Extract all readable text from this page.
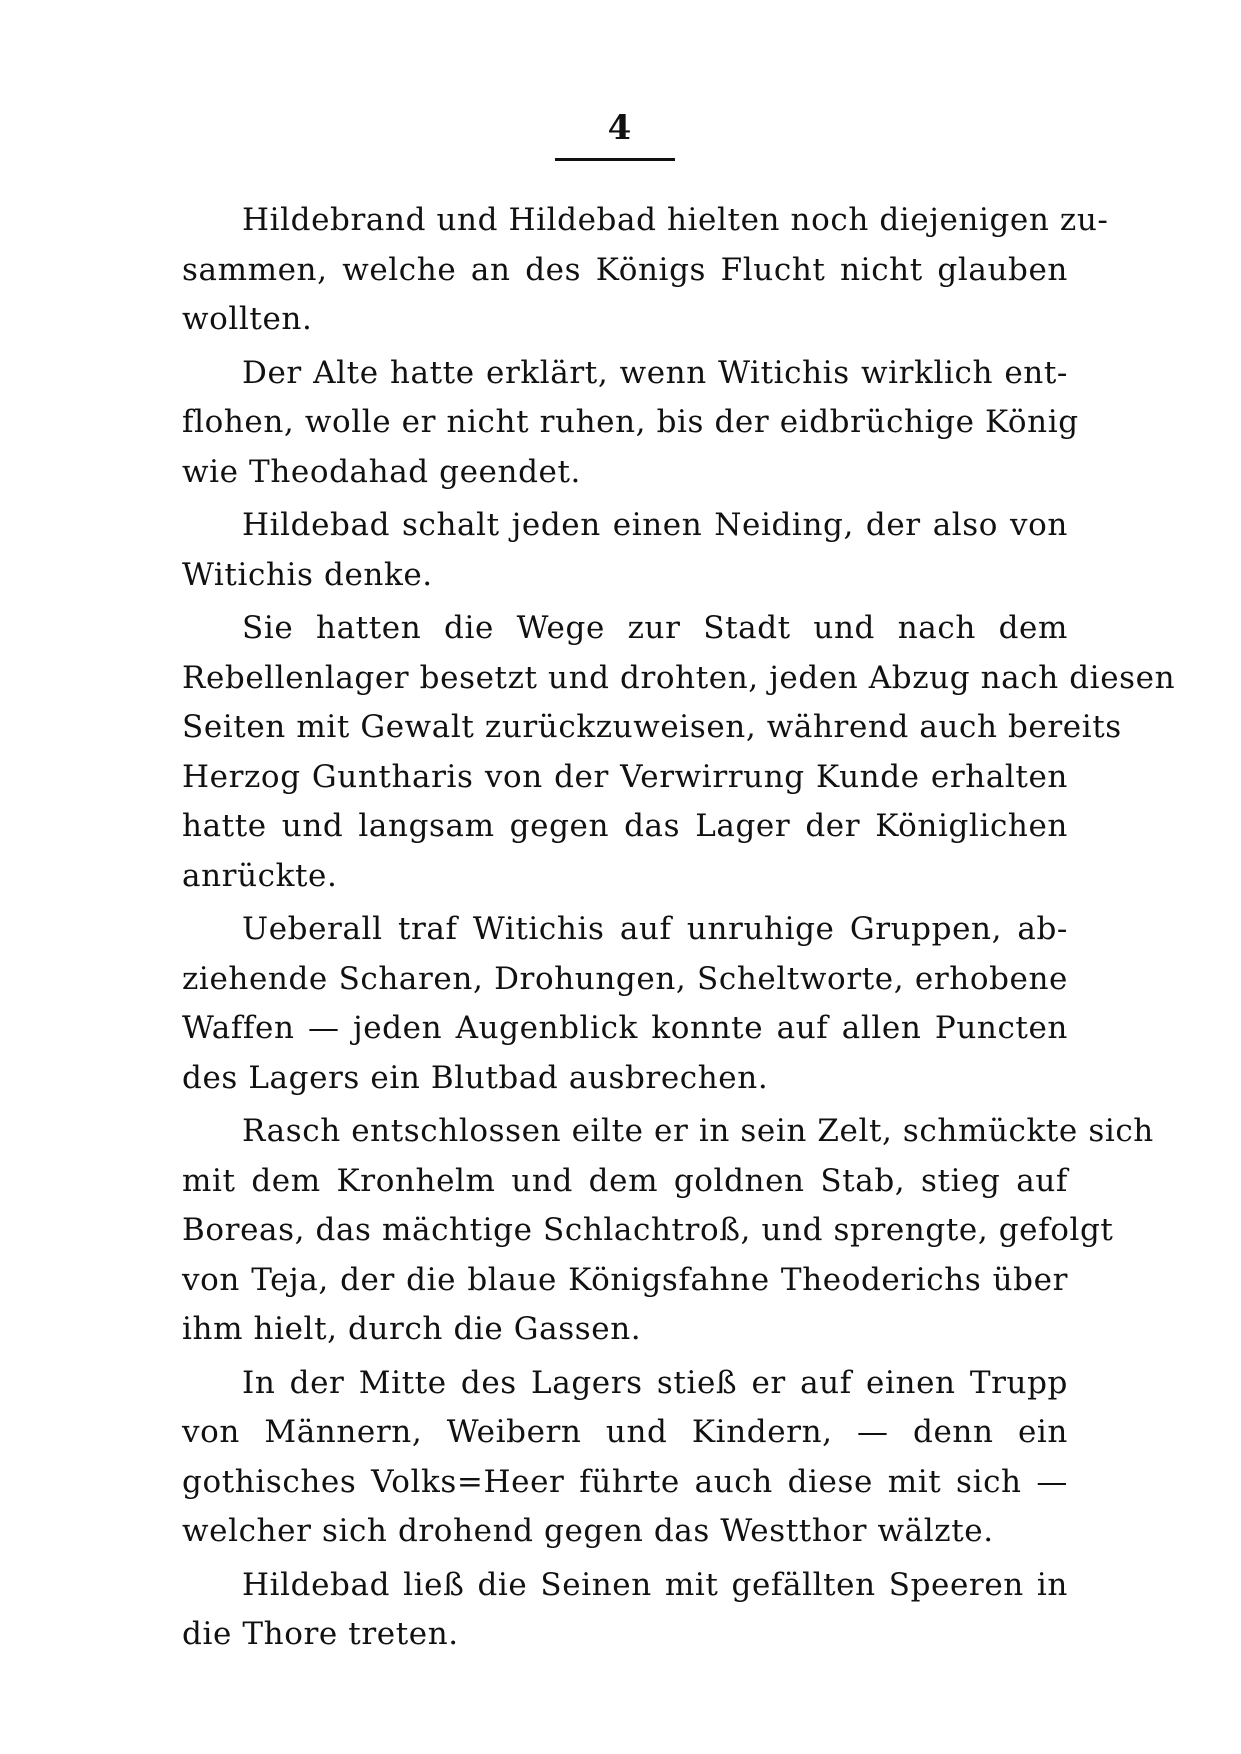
4

Hildebrand und Hildebad hielten noch diejenigen zu-
sammen, welche an des Königs Flucht nicht glauben
wollten.

Der Alte hatte erklärt, wenn Witichis wirklich ent-
flohen, wolle er nicht ruhen, bis der eidbrüchige König
wie Theodahad geendet.

Hildebad schalt jeden einen Neiding, der also von
Witichis denke.

Sie hatten die Wege zur Stadt und nach dem
Rebellenlager besetzt und drohten, jeden Abzug nach diesen
Seiten mit Gewalt zurückzuweisen, während auch bereits
Herzog Guntharis von der Verwirrung Kunde erhalten
hatte und langsam gegen das Lager der Königlichen
anrückte.

Ueberall traf Witichis auf unruhige Gruppen, ab-
ziehende Scharen, Drohungen, Scheltworte, erhobene
Waffen — jeden Augenblick konnte auf allen Puncten
des Lagers ein Blutbad ausbrechen.

Rasch entschlossen eilte er in sein Zelt, schmückte sich
mit dem Kronhelm und dem goldnen Stab, stieg auf
Boreas, das mächtige Schlachtroß, und sprengte, gefolgt
von Teja, der die blaue Königsfahne Theoderichs über
ihm hielt, durch die Gassen.

In der Mitte des Lagers stieß er auf einen Trupp
von Männern, Weibern und Kindern, — denn ein
gothisches Volks=Heer führte auch diese mit sich —
welcher sich drohend gegen das Westthor wälzte.

Hildebad ließ die Seinen mit gefällten Speeren in
die Thore treten.
